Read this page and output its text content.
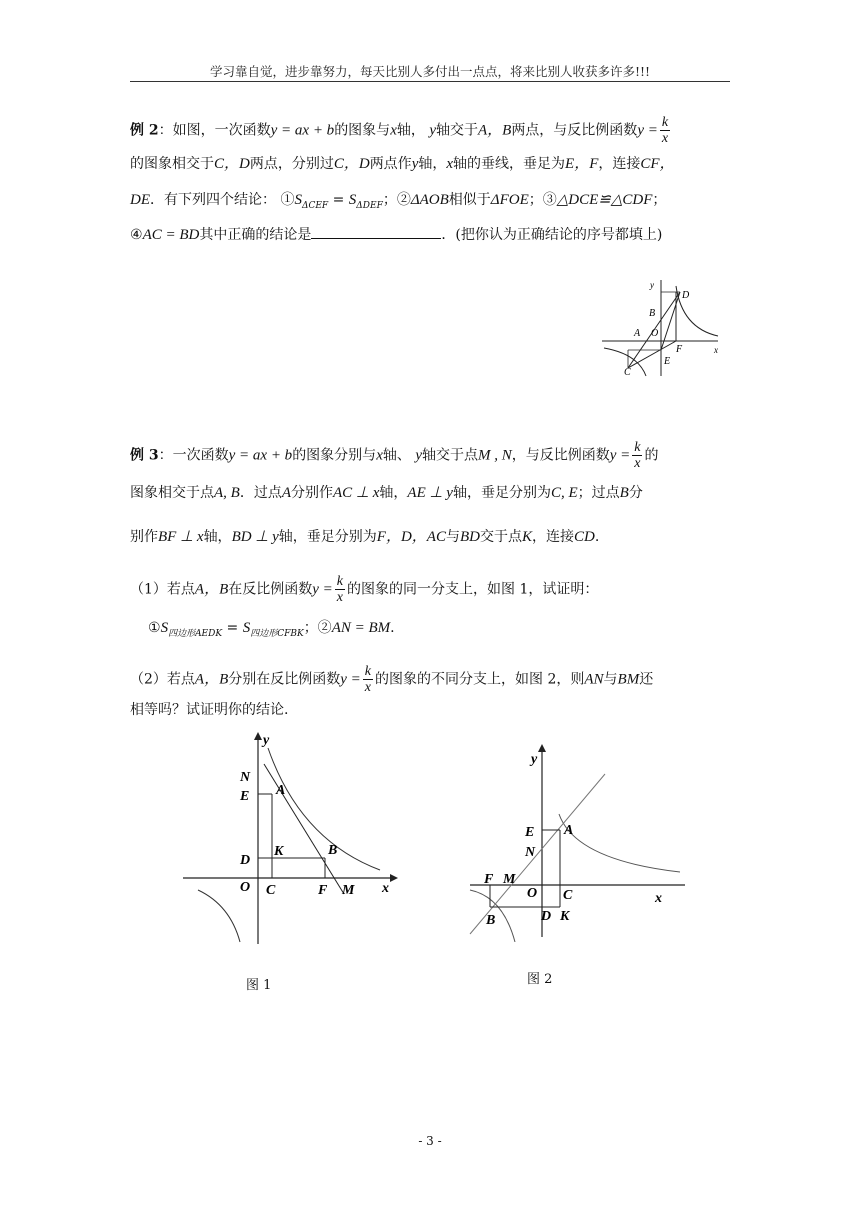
学习靠自觉，进步靠努力，每天比别人多付出一点点，将来比别人收获多许多!!!
例 2：如图，一次函数y = ax + b的图象与x轴， y轴交于A，B两点，与反比例函数$y = \frac{k}{x}$
的图象相交于C，D两点，分别过C，D两点作y轴，x轴的垂线，垂足为E，F，连接CF，
DE．有下列四个结论： $①S_{\Delta CEF} = S_{\Delta DEF}$；②ΔAOB相似于ΔFOE；③△DCE≌△CDF；
④AC = BD其中正确的结论是	．(把你认为正确结论的序号都填上)
y
x
D
B
A O
F
E
C
例 3：一次函数y = ax + b的图象分别与x轴、 y轴交于点M , N，与反比例函数$y = \frac{k}{x}$ 的
图象相交于点A, B．过点A分别作AC ⊥ x轴，AE ⊥ y轴，垂足分别为C, E；过点B分
别作BF ⊥ x轴，BD ⊥ y轴，垂足分别为F，D，AC与BD交于点K，连接CD.
（1）若点A，B在反比例函数$y = \frac{k}{x}$ 的图象的同一分支上，如图 1，试证明：
$①S_{四边形AEDK} = S_{四边形CFBK}$；②AN = BM.
（2）若点A，B分别在反比例函数$y = \frac{k}{x}$ 的图象的不同分支上，如图 2，则AN与BM还
相等吗？试证明你的结论.
y
x
N
E A
D
K	B
O C	F M
图 1
y
x
E A
N
F M
O C
B	D K
图 2
- 3 -
